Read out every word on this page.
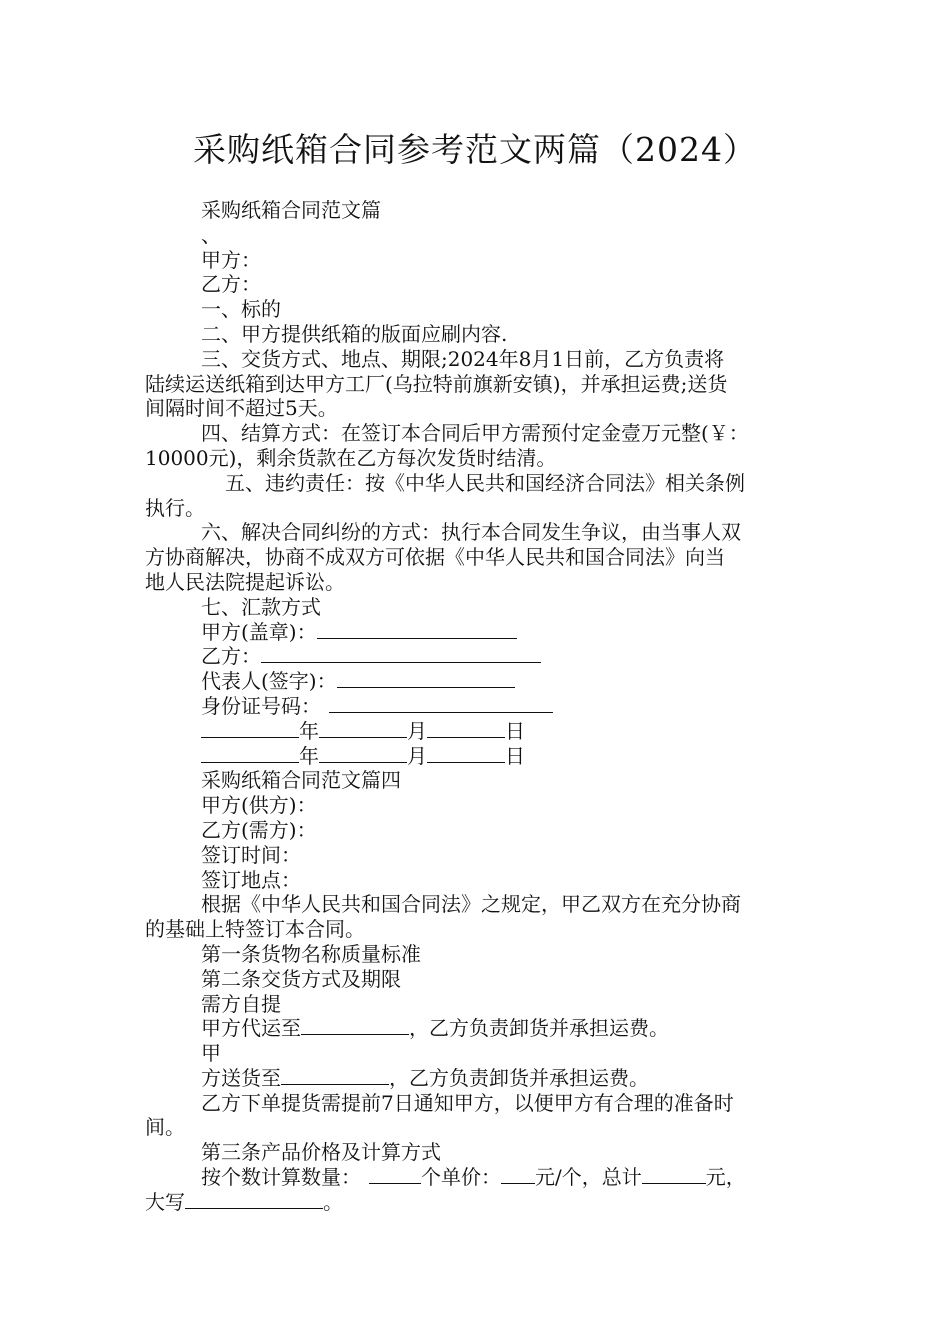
采购纸箱合同参考范文两篇（2024）
采购纸箱合同范文篇
、
甲方：
乙方：
一、标的
二、甲方提供纸箱的版面应刷内容.
三、交货方式、地点、期限;2024年8月1日前，乙方负责将
陆续运送纸箱到达甲方工厂(乌拉特前旗新安镇)，并承担运费;送货
间隔时间不超过5天。
四、结算方式：在签订本合同后甲方需预付定金壹万元整(￥：
10000元)，剩余货款在乙方每次发货时结清。
五、违约责任：按《中华人民共和国经济合同法》相关条例
执行。
六、解决合同纠纷的方式：执行本合同发生争议，由当事人双
方协商解决，协商不成双方可依据《中华人民共和国合同法》向当
地人民法院提起诉讼。
七、汇款方式
甲方(盖章)：
乙方：
代表人(签字)：
身份证号码：
年	月	日
年	月	日
采购纸箱合同范文篇四
甲方(供方)：
乙方(需方)：
签订时间：
签订地点：
根据《中华人民共和国合同法》之规定，甲乙双方在充分协商
的基础上特签订本合同。
第一条货物名称质量标准
第二条交货方式及期限
需方自提
甲方代运至	，乙方负责卸货并承担运费。
甲
方送货至	，乙方负责卸货并承担运费。
乙方下单提货需提前7日通知甲方，以便甲方有合理的准备时
间。
第三条产品价格及计算方式
按个数计算数量：	个单价： 元/个，总计	元，
大写	。
